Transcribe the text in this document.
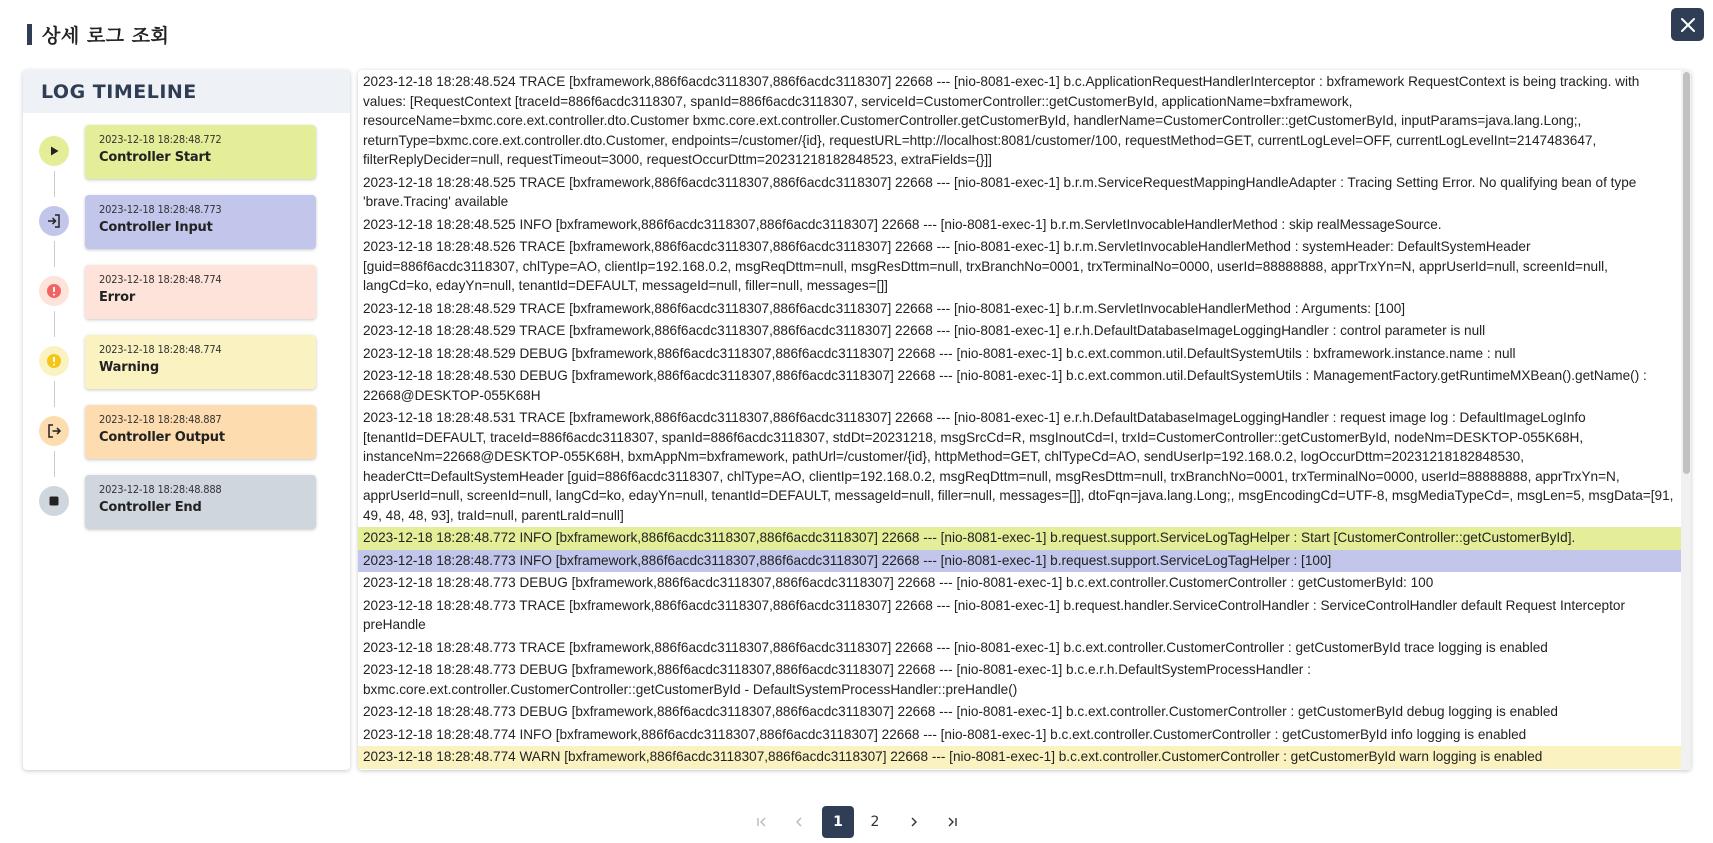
상세 로그 조회
LOG TIMELINE
2023-12-18 18:28:48.772
Controller Start
2023-12-18 18:28:48.773
Controller Input
2023-12-18 18:28:48.774
Error
2023-12-18 18:28:48.774
Warning
2023-12-18 18:28:48.887
Controller Output
2023-12-18 18:28:48.888
Controller End
2023-12-18 18:28:48.524 TRACE [bxframework,886f6acdc3118307,886f6acdc3118307] 22668 --- [nio-8081-exec-1] b.c.ApplicationRequestHandlerInterceptor : bxframework RequestContext is being tracking. with values: [RequestContext [traceId=886f6acdc3118307, spanId=886f6acdc3118307, serviceId=CustomerController::getCustomerById, applicationName=bxframework, resourceName=bxmc.core.ext.controller.dto.Customer bxmc.core.ext.controller.CustomerController.getCustomerById, handlerName=CustomerController::getCustomerById, inputParams=java.lang.Long;, returnType=bxmc.core.ext.controller.dto.Customer, endpoints=/customer/{id}, requestURL=http://localhost:8081/customer/100, requestMethod=GET, currentLogLevel=OFF, currentLogLevelInt=2147483647, filterReplyDecider=null, requestTimeout=3000, requestOccurDttm=20231218182848523, extraFields={}]]
2023-12-18 18:28:48.525 TRACE [bxframework,886f6acdc3118307,886f6acdc3118307] 22668 --- [nio-8081-exec-1] b.r.m.ServiceRequestMappingHandleAdapter : Tracing Setting Error. No qualifying bean of type 'brave.Tracing' available
2023-12-18 18:28:48.525 INFO [bxframework,886f6acdc3118307,886f6acdc3118307] 22668 --- [nio-8081-exec-1] b.r.m.ServletInvocableHandlerMethod : skip realMessageSource.
2023-12-18 18:28:48.526 TRACE [bxframework,886f6acdc3118307,886f6acdc3118307] 22668 --- [nio-8081-exec-1] b.r.m.ServletInvocableHandlerMethod : systemHeader: DefaultSystemHeader [guid=886f6acdc3118307, chlType=AO, clientIp=192.168.0.2, msgReqDttm=null, msgResDttm=null, trxBranchNo=0001, trxTerminalNo=0000, userId=88888888, apprTrxYn=N, apprUserId=null, screenId=null, langCd=ko, edayYn=null, tenantId=DEFAULT, messageId=null, filler=null, messages=[]]
2023-12-18 18:28:48.529 TRACE [bxframework,886f6acdc3118307,886f6acdc3118307] 22668 --- [nio-8081-exec-1] b.r.m.ServletInvocableHandlerMethod : Arguments: [100]
2023-12-18 18:28:48.529 TRACE [bxframework,886f6acdc3118307,886f6acdc3118307] 22668 --- [nio-8081-exec-1] e.r.h.DefaultDatabaseImageLoggingHandler : control parameter is null
2023-12-18 18:28:48.529 DEBUG [bxframework,886f6acdc3118307,886f6acdc3118307] 22668 --- [nio-8081-exec-1] b.c.ext.common.util.DefaultSystemUtils : bxframework.instance.name : null
2023-12-18 18:28:48.530 DEBUG [bxframework,886f6acdc3118307,886f6acdc3118307] 22668 --- [nio-8081-exec-1] b.c.ext.common.util.DefaultSystemUtils : ManagementFactory.getRuntimeMXBean().getName() : 22668@DESKTOP-055K68H
2023-12-18 18:28:48.531 TRACE [bxframework,886f6acdc3118307,886f6acdc3118307] 22668 --- [nio-8081-exec-1] e.r.h.DefaultDatabaseImageLoggingHandler : request image log : DefaultImageLogInfo [tenantId=DEFAULT, traceId=886f6acdc3118307, spanId=886f6acdc3118307, stdDt=20231218, msgSrcCd=R, msgInoutCd=I, trxId=CustomerController::getCustomerById, nodeNm=DESKTOP-055K68H, instanceNm=22668@DESKTOP-055K68H, bxmAppNm=bxframework, pathUrl=/customer/{id}, httpMethod=GET, chlTypeCd=AO, sendUserIp=192.168.0.2, logOccurDttm=20231218182848530, headerCtt=DefaultSystemHeader [guid=886f6acdc3118307, chlType=AO, clientIp=192.168.0.2, msgReqDttm=null, msgResDttm=null, trxBranchNo=0001, trxTerminalNo=0000, userId=88888888, apprTrxYn=N, apprUserId=null, screenId=null, langCd=ko, edayYn=null, tenantId=DEFAULT, messageId=null, filler=null, messages=[]], dtoFqn=java.lang.Long;, msgEncodingCd=UTF-8, msgMediaTypeCd=, msgLen=5, msgData=[91, 49, 48, 48, 93], traId=null, parentLraId=null]
2023-12-18 18:28:48.772 INFO [bxframework,886f6acdc3118307,886f6acdc3118307] 22668 --- [nio-8081-exec-1] b.request.support.ServiceLogTagHelper : Start [CustomerController::getCustomerById].
2023-12-18 18:28:48.773 INFO [bxframework,886f6acdc3118307,886f6acdc3118307] 22668 --- [nio-8081-exec-1] b.request.support.ServiceLogTagHelper : [100]
2023-12-18 18:28:48.773 DEBUG [bxframework,886f6acdc3118307,886f6acdc3118307] 22668 --- [nio-8081-exec-1] b.c.ext.controller.CustomerController : getCustomerById: 100
2023-12-18 18:28:48.773 TRACE [bxframework,886f6acdc3118307,886f6acdc3118307] 22668 --- [nio-8081-exec-1] b.request.handler.ServiceControlHandler : ServiceControlHandler default Request Interceptor preHandle
2023-12-18 18:28:48.773 TRACE [bxframework,886f6acdc3118307,886f6acdc3118307] 22668 --- [nio-8081-exec-1] b.c.ext.controller.CustomerController : getCustomerById trace logging is enabled
2023-12-18 18:28:48.773 DEBUG [bxframework,886f6acdc3118307,886f6acdc3118307] 22668 --- [nio-8081-exec-1] b.c.e.r.h.DefaultSystemProcessHandler : bxmc.core.ext.controller.CustomerController::getCustomerById - DefaultSystemProcessHandler::preHandle()
2023-12-18 18:28:48.773 DEBUG [bxframework,886f6acdc3118307,886f6acdc3118307] 22668 --- [nio-8081-exec-1] b.c.ext.controller.CustomerController : getCustomerById debug logging is enabled
2023-12-18 18:28:48.774 INFO [bxframework,886f6acdc3118307,886f6acdc3118307] 22668 --- [nio-8081-exec-1] b.c.ext.controller.CustomerController : getCustomerById info logging is enabled
2023-12-18 18:28:48.774 WARN [bxframework,886f6acdc3118307,886f6acdc3118307] 22668 --- [nio-8081-exec-1] b.c.ext.controller.CustomerController : getCustomerById warn logging is enabled
1 2
